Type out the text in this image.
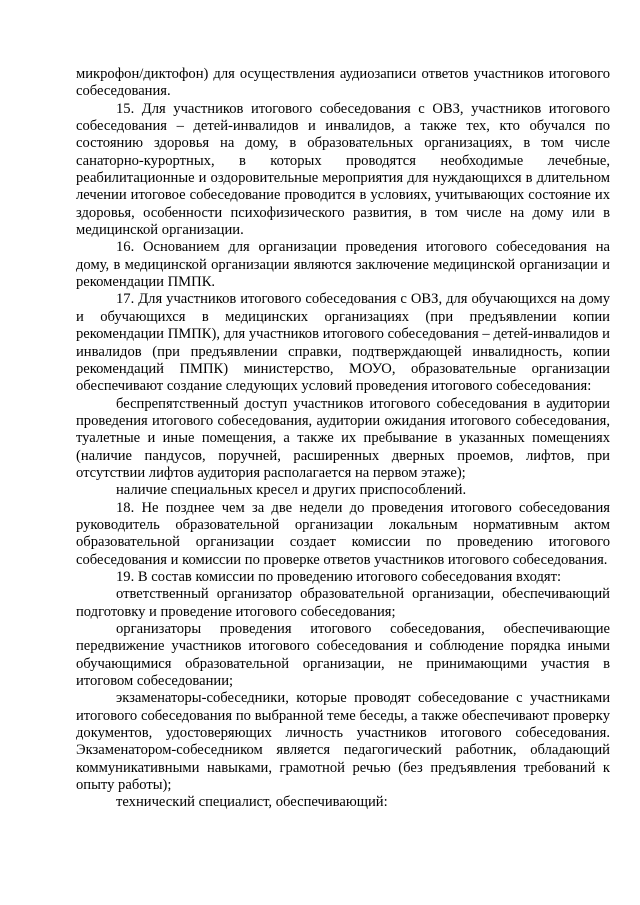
микрофон/диктофон) для осуществления аудиозаписи ответов участников итогового собеседования.

15. Для участников итогового собеседования с ОВЗ, участников итогового собеседования – детей-инвалидов и инвалидов, а также тех, кто обучался по состоянию здоровья на дому, в образовательных организациях, в том числе санаторно-курортных, в которых проводятся необходимые лечебные, реабилитационные и оздоровительные мероприятия для нуждающихся в длительном лечении итоговое собеседование проводится в условиях, учитывающих состояние их здоровья, особенности психофизического развития, в том числе на дому или в медицинской организации.

16. Основанием для организации проведения итогового собеседования на дому, в медицинской организации являются заключение медицинской организации и рекомендации ПМПК.

17. Для участников итогового собеседования с ОВЗ, для обучающихся на дому и обучающихся в медицинских организациях (при предъявлении копии рекомендации ПМПК), для участников итогового собеседования – детей-инвалидов и инвалидов (при предъявлении справки, подтверждающей инвалидность, копии рекомендаций ПМПК) министерство, МОУО, образовательные организации обеспечивают создание следующих условий проведения итогового собеседования:

беспрепятственный доступ участников итогового собеседования в аудитории проведения итогового собеседования, аудитории ожидания итогового собеседования, туалетные и иные помещения, а также их пребывание в указанных помещениях (наличие пандусов, поручней, расширенных дверных проемов, лифтов, при отсутствии лифтов аудитория располагается на первом этаже);

наличие специальных кресел и других приспособлений.

18. Не позднее чем за две недели до проведения итогового собеседования руководитель образовательной организации локальным нормативным актом образовательной организации создает комиссии по проведению итогового собеседования и комиссии по проверке ответов участников итогового собеседования.

19. В состав комиссии по проведению итогового собеседования входят:

ответственный организатор образовательной организации, обеспечивающий подготовку и проведение итогового собеседования;

организаторы проведения итогового собеседования, обеспечивающие передвижение участников итогового собеседования и соблюдение порядка иными обучающимися образовательной организации, не принимающими участия в итоговом собеседовании;

экзаменаторы-собеседники, которые проводят собеседование с участниками итогового собеседования по выбранной теме беседы, а также обеспечивают проверку документов, удостоверяющих личность участников итогового собеседования. Экзаменатором-собеседником является педагогический работник, обладающий коммуникативными навыками, грамотной речью (без предъявления требований к опыту работы);

технический специалист, обеспечивающий:
